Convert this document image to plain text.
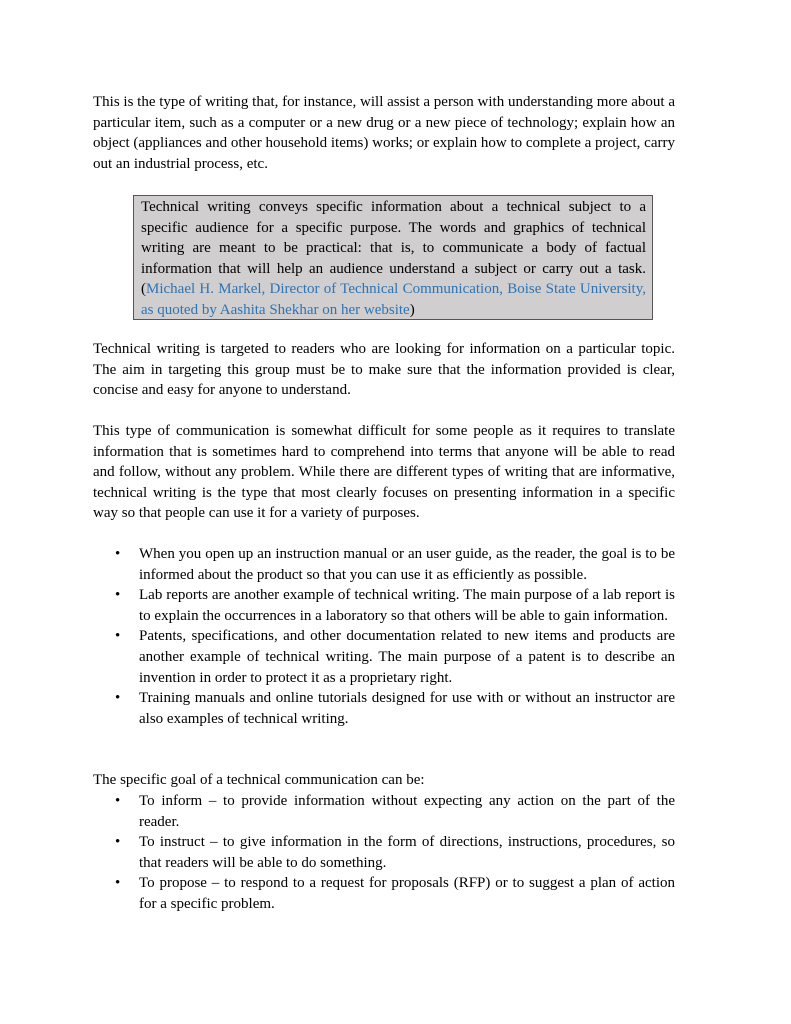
This is the type of writing that, for instance, will assist a person with understanding more about a particular item, such as a computer or a new drug or a new piece of technology; explain how an object (appliances and other household items) works; or explain how to complete a project, carry out an industrial process, etc.

Technical writing conveys specific information about a technical subject to a specific audience for a specific purpose. The words and graphics of technical writing are meant to be practical: that is, to communicate a body of factual information that will help an audience understand a subject or carry out a task. (Michael H. Markel, Director of Technical Communication, Boise State University, as quoted by Aashita Shekhar on her website)

Technical writing is targeted to readers who are looking for information on a particular topic. The aim in targeting this group must be to make sure that the information provided is clear, concise and easy for anyone to understand.

This type of communication is somewhat difficult for some people as it requires to translate information that is sometimes hard to comprehend into terms that anyone will be able to read and follow, without any problem. While there are different types of writing that are informative, technical writing is the type that most clearly focuses on presenting information in a specific way so that people can use it for a variety of purposes.

• When you open up an instruction manual or an user guide, as the reader, the goal is to be informed about the product so that you can use it as efficiently as possible.
• Lab reports are another example of technical writing. The main purpose of a lab report is to explain the occurrences in a laboratory so that others will be able to gain information.
• Patents, specifications, and other documentation related to new items and products are another example of technical writing. The main purpose of a patent is to describe an invention in order to protect it as a proprietary right.
• Training manuals and online tutorials designed for use with or without an instructor are also examples of technical writing.

The specific goal of a technical communication can be:

• To inform – to provide information without expecting any action on the part of the reader.
• To instruct – to give information in the form of directions, instructions, procedures, so that readers will be able to do something.
• To propose – to respond to a request for proposals (RFP) or to suggest a plan of action for a specific problem.
